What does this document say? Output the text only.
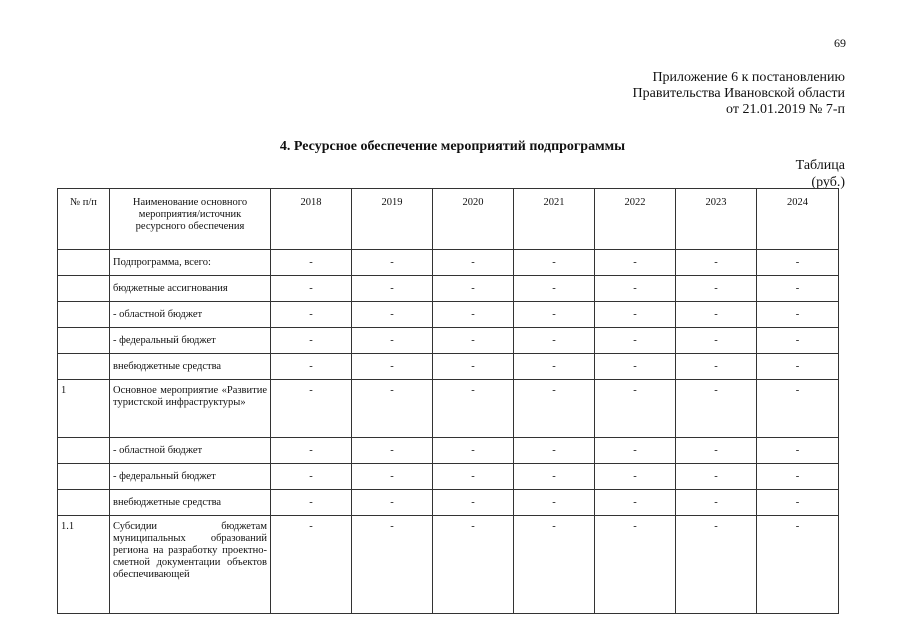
69
Приложение 6 к постановлению
Правительства Ивановской области
от 21.01.2019 № 7-п
4. Ресурсное обеспечение мероприятий подпрограммы
Таблица
(руб.)
№ п/п	Наименование основного мероприятия/источник ресурсного обеспечения	2018	2019	2020	2021	2022	2023	2024
	Подпрограмма, всего:	-	-	-	-	-	-	-
	бюджетные ассигнования	-	-	-	-	-	-	-
	- областной бюджет	-	-	-	-	-	-	-
	- федеральный бюджет	-	-	-	-	-	-	-
	внебюджетные средства	-	-	-	-	-	-	-
1	Основное мероприятие «Развитие туристской инфраструктуры»	-	-	-	-	-	-	-
	- областной бюджет	-	-	-	-	-	-	-
	- федеральный бюджет	-	-	-	-	-	-	-
	внебюджетные средства	-	-	-	-	-	-	-
1.1	Субсидии бюджетам муниципальных образований региона на разработку проектно-сметной документации объектов обеспечивающей	-	-	-	-	-	-	-
